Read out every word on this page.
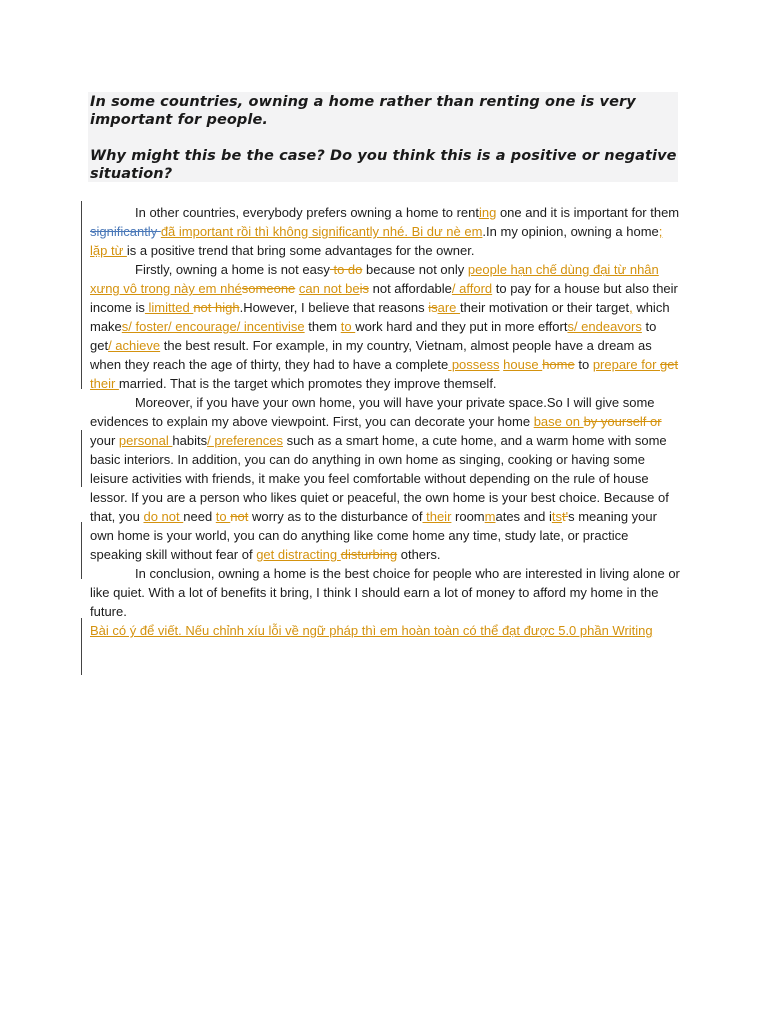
In some countries, owning a home rather than renting one is very important for people.

Why might this be the case? Do you think this is a positive or negative situation?

In other countries, everybody prefers owning a home to renting one and it is important for them significantly đã important rồi thì không significantly nhé. Bi dư nè em.In my opinion, owning a home; lặp từ is a positive trend that bring some advantages for the owner.

Firstly, owning a home is not easy to do because not only people hạn chế dùng đại từ nhân xưng vô trong này em nhésomeone can not beis not affordable/ afford to pay for a house but also their income is limitted not high.However, I believe that reasons isare their motivation or their target, which makes/ foster/ encourage/ incentivise them to work hard and they put in more efforts/ endeavors to get/ achieve the best result. For example, in my country, Vietnam, almost people have a dream as when they reach the age of thirty, they had to have a complete possess house home to prepare for get their married. That is the target which promotes they improve themself.

Moreover, if you have your own home, you will have your private space.So I will give some evidences to explain my above viewpoint. First, you can decorate your home base on by yourself or your personal habits/ preferences such as a smart home, a cute home, and a warm home with some basic interiors. In addition, you can do anything in own home as singing, cooking or having some leisure activities with friends, it make you feel comfortable without depending on the rule of house lessor. If you are a person who likes quiet or peaceful, the own home is your best choice. Because of that, you do not need to not worry as to the disturbance of their roommates and itst's meaning your own home is your world, you can do anything like come home any time, study late, or practice speaking skill without fear of get distracting disturbing others.

In conclusion, owning a home is the best choice for people who are interested in living alone or like quiet. With a lot of benefits it bring, I think I should earn a lot of money to afford my home in the future.

Bài có ý để viết. Nếu chỉnh xíu lỗi về ngữ pháp thì em hoàn toàn có thể đạt được 5.0 phần Writing
